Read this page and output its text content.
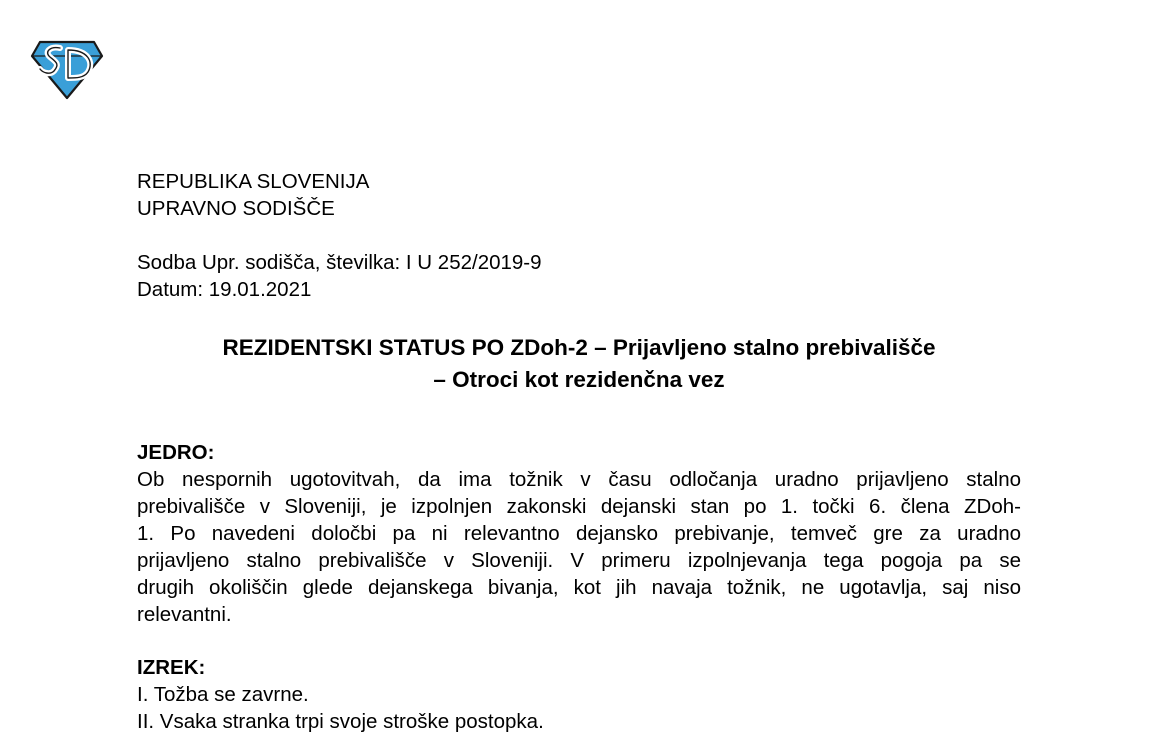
REPUBLIKA SLOVENIJA
UPRAVNO SODIŠČE
Sodba Upr. sodišča, številka: I U 252/2019-9
Datum: 19.01.2021
REZIDENTSKI STATUS PO ZDoh-2 – Prijavljeno stalno prebivališče
– Otroci kot rezidenčna vez
JEDRO:
Ob nespornih ugotovitvah, da ima tožnik v času odločanja uradno prijavljeno stalno
prebivališče v Sloveniji, je izpolnjen zakonski dejanski stan po 1. točki 6. člena ZDoh-
1. Po navedeni določbi pa ni relevantno dejansko prebivanje, temveč gre za uradno
prijavljeno stalno prebivališče v Sloveniji. V primeru izpolnjevanja tega pogoja pa se
drugih okoliščin glede dejanskega bivanja, kot jih navaja tožnik, ne ugotavlja, saj niso
relevantni.
IZREK:
I. Tožba se zavrne.
II. Vsaka stranka trpi svoje stroške postopka.
